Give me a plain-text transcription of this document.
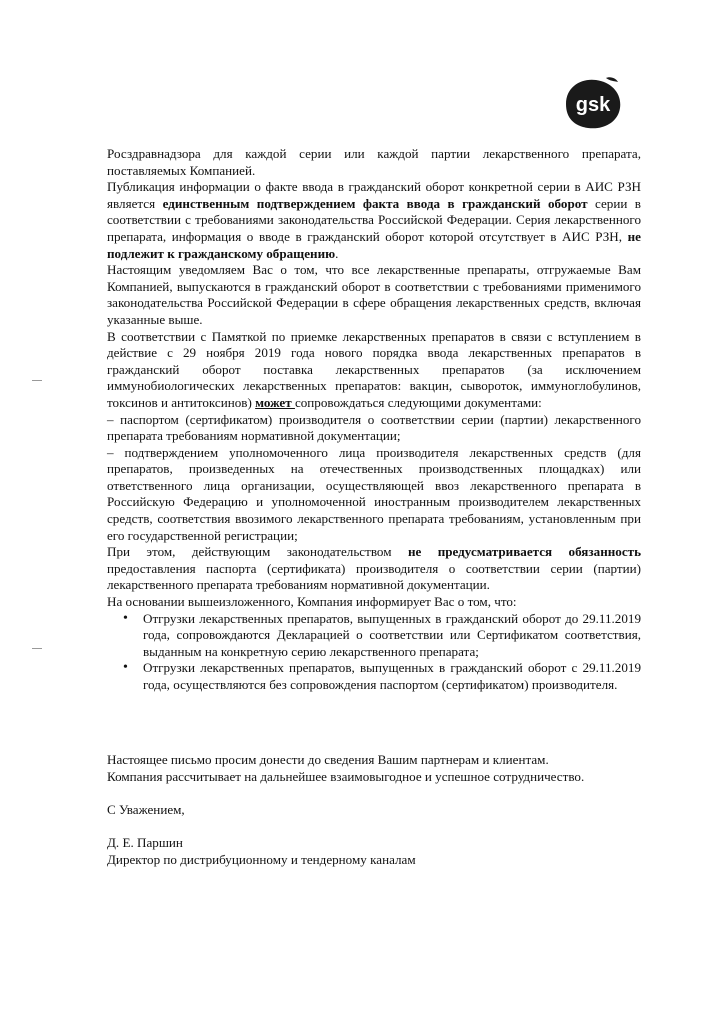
gsk

Росздравнадзора для каждой серии или каждой партии лекарственного препарата, поставляемых Компанией.

Публикация информации о факте ввода в гражданский оборот конкретной серии в АИС РЗН является единственным подтверждением факта ввода в гражданский оборот серии в соответствии с требованиями законодательства Российской Федерации. Серия лекарственного препарата, информация о вводе в гражданский оборот которой отсутствует в АИС РЗН, не подлежит к гражданскому обращению.

Настоящим уведомляем Вас о том, что все лекарственные препараты, отгружаемые Вам Компанией, выпускаются в гражданский оборот в соответствии с требованиями применимого законодательства Российской Федерации в сфере обращения лекарственных средств, включая указанные выше.

В соответствии с Памяткой по приемке лекарственных препаратов в связи с вступлением в действие с 29 ноября 2019 года нового порядка ввода лекарственных препаратов в гражданский оборот поставка лекарственных препаратов (за исключением иммунобиологических лекарственных препаратов: вакцин, сывороток, иммуноглобулинов, токсинов и антитоксинов) может сопровождаться следующими документами:

– паспортом (сертификатом) производителя о соответствии серии (партии) лекарственного препарата требованиям нормативной документации;

– подтверждением уполномоченного лица производителя лекарственных средств (для препаратов, произведенных на отечественных производственных площадках) или ответственного лица организации, осуществляющей ввоз лекарственного препарата в Российскую Федерацию и уполномоченной иностранным производителем лекарственных средств, соответствия ввозимого лекарственного препарата требованиям, установленным при его государственной регистрации;

При этом, действующим законодательством не предусматривается обязанность предоставления паспорта (сертификата) производителя о соответствии серии (партии) лекарственного препарата требованиям нормативной документации.

На основании вышеизложенного, Компания информирует Вас о том, что:

• Отгрузки лекарственных препаратов, выпущенных в гражданский оборот до 29.11.2019 года, сопровождаются Декларацией о соответствии или Сертификатом соответствия, выданным на конкретную серию лекарственного препарата;
• Отгрузки лекарственных препаратов, выпущенных в гражданский оборот с 29.11.2019 года, осуществляются без сопровождения паспортом (сертификатом) производителя.
Настоящее письмо просим донести до сведения Вашим партнерам и клиентам.
Компания рассчитывает на дальнейшее взаимовыгодное и успешное сотрудничество.
С Уважением,
Д. Е. Паршин
Директор по дистрибуционному и тендерному каналам
